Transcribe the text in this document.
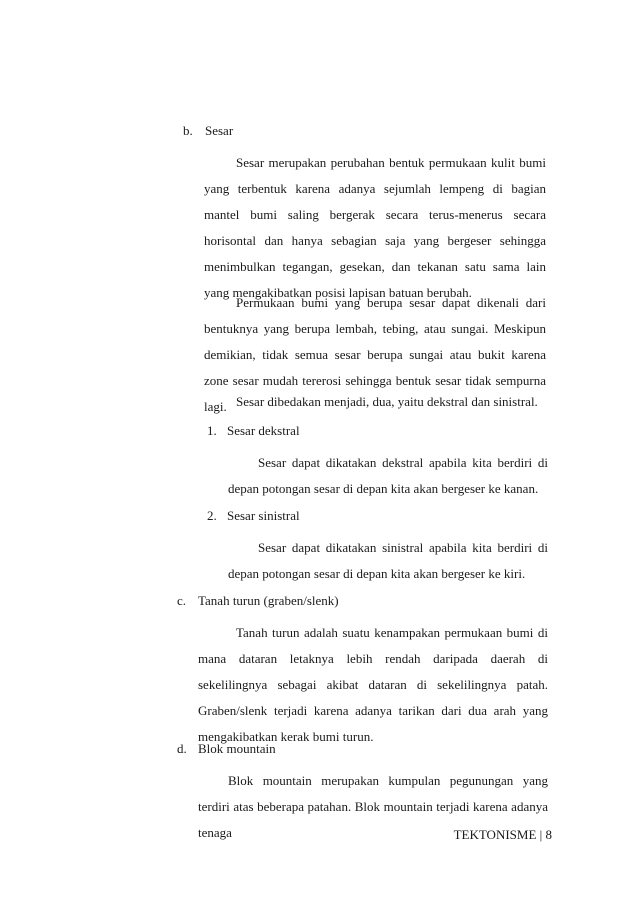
b. Sesar
Sesar merupakan perubahan bentuk permukaan kulit bumi yang terbentuk karena adanya sejumlah lempeng di bagian mantel bumi saling bergerak secara terus-menerus secara horisontal dan hanya sebagian saja yang bergeser sehingga menimbulkan tegangan, gesekan, dan tekanan satu sama lain yang mengakibatkan posisi lapisan batuan berubah.
Permukaan bumi yang berupa sesar dapat dikenali dari bentuknya yang berupa lembah, tebing, atau sungai. Meskipun demikian, tidak semua sesar berupa sungai atau bukit karena zone sesar mudah tererosi sehingga bentuk sesar tidak sempurna lagi. Sesar dibedakan menjadi, dua, yaitu dekstral dan sinistral.
1. Sesar dekstral
Sesar dapat dikatakan dekstral apabila kita berdiri di depan potongan sesar di depan kita akan bergeser ke kanan.
2. Sesar sinistral
Sesar dapat dikatakan sinistral apabila kita berdiri di depan potongan sesar di depan kita akan bergeser ke kiri.
c. Tanah turun (graben/slenk)
Tanah turun adalah suatu kenampakan permukaan bumi di mana dataran letaknya lebih rendah daripada daerah di sekelilingnya sebagai akibat dataran di sekelilingnya patah. Graben/slenk terjadi karena adanya tarikan dari dua arah yang mengakibatkan kerak bumi turun.
d. Blok mountain
Blok mountain merupakan kumpulan pegunungan yang terdiri atas beberapa patahan. Blok mountain terjadi karena adanya tenaga	TEKTONISME | 8
